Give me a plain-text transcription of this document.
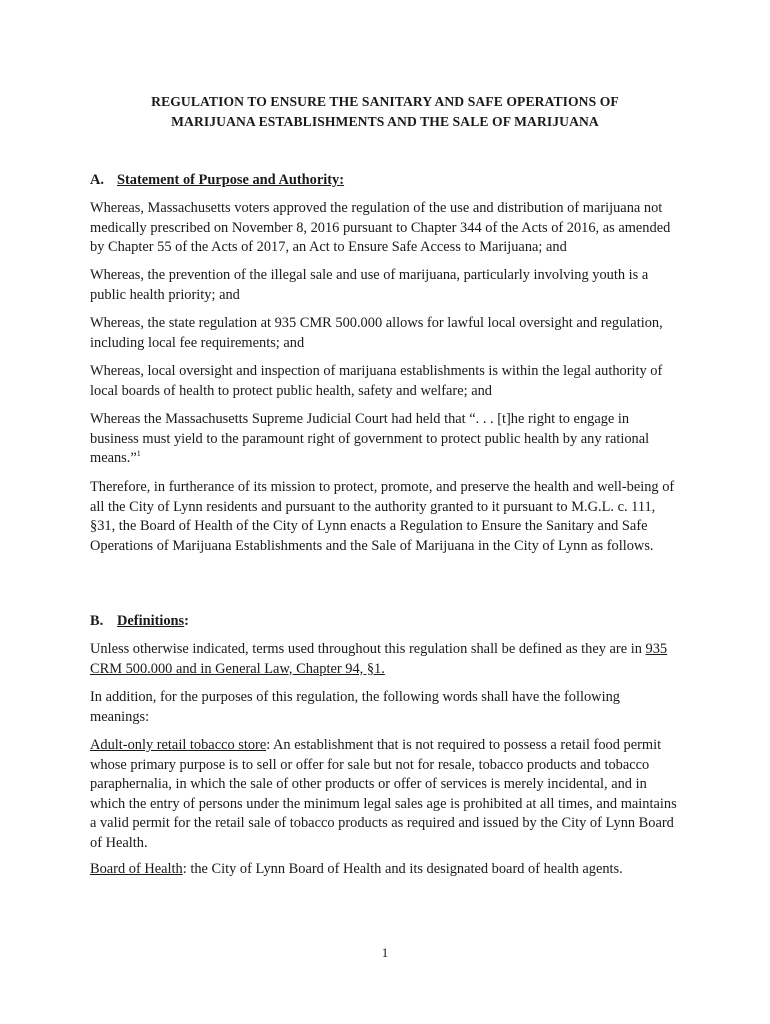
REGULATION TO ENSURE THE SANITARY AND SAFE OPERATIONS OF
MARIJUANA ESTABLISHMENTS AND THE SALE OF MARIJUANA
A. Statement of Purpose and Authority:

Whereas, Massachusetts voters approved the regulation of the use and distribution of marijuana not medically prescribed on November 8, 2016 pursuant to Chapter 344 of the Acts of 2016, as amended by Chapter 55 of the Acts of 2017, an Act to Ensure Safe Access to Marijuana; and

Whereas, the prevention of the illegal sale and use of marijuana, particularly involving youth is a public health priority; and

Whereas, the state regulation at 935 CMR 500.000 allows for lawful local oversight and regulation, including local fee requirements; and

Whereas, local oversight and inspection of marijuana establishments is within the legal authority of local boards of health to protect public health, safety and welfare; and

Whereas the Massachusetts Supreme Judicial Court had held that “. . . [t]he right to engage in business must yield to the paramount right of government to protect public health by any rational means.”$^1$

Therefore, in furtherance of its mission to protect, promote, and preserve the health and well-being of all the City of Lynn residents and pursuant to the authority granted to it pursuant to M.G.L. c. 111, §31, the Board of Health of the City of Lynn enacts a Regulation to Ensure the Sanitary and Safe Operations of Marijuana Establishments and the Sale of Marijuana in the City of Lynn as follows.

B. Definitions:

Unless otherwise indicated, terms used throughout this regulation shall be defined as they are in 935 CRM 500.000 and in General Law, Chapter 94, §1.

In addition, for the purposes of this regulation, the following words shall have the following meanings:

Adult-only retail tobacco store: An establishment that is not required to possess a retail food permit whose primary purpose is to sell or offer for sale but not for resale, tobacco products and tobacco paraphernalia, in which the sale of other products or offer of services is merely incidental, and in which the entry of persons under the minimum legal sales age is prohibited at all times, and maintains a valid permit for the retail sale of tobacco products as required and issued by the City of Lynn Board of Health.

Board of Health: the City of Lynn Board of Health and its designated board of health agents.

1
